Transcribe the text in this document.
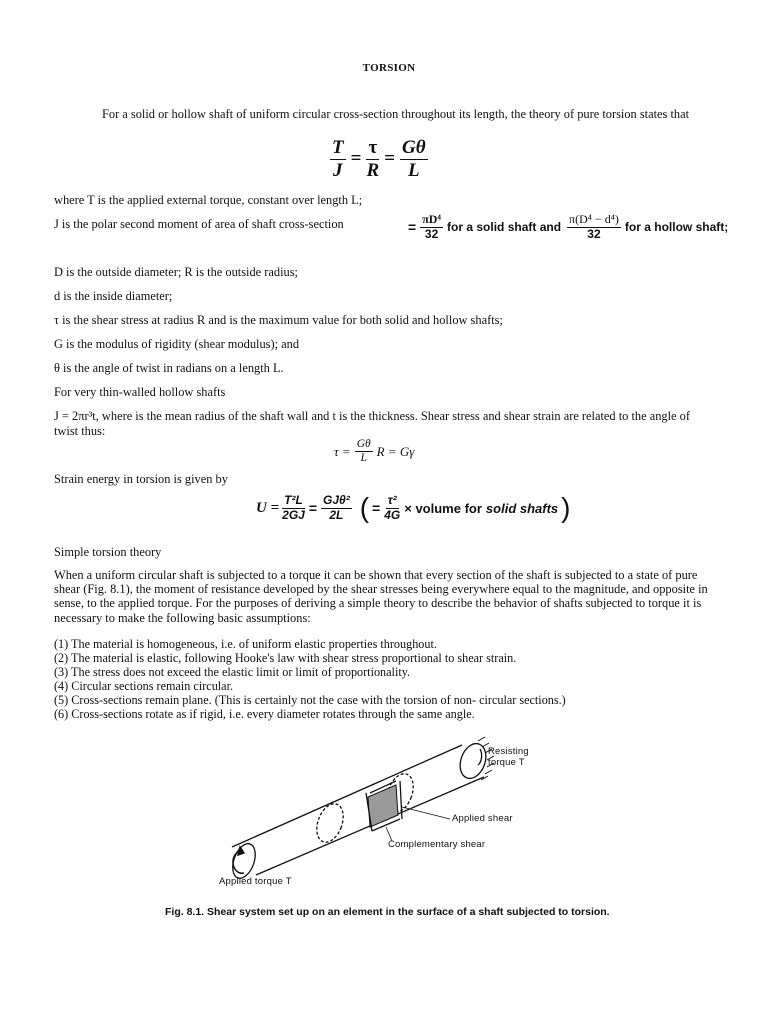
TORSION

For a solid or hollow shaft of uniform circular cross-section throughout its length, the theory of pure torsion states that

$\frac{T}{J} = \frac{\tau}{R} = \frac{G\theta}{L}$

where T is the applied external torque, constant over length L;

J is the polar second moment of area of shaft cross-section	= $\frac{\text{πD⁴}}{32}$ for a solid shaft and $\frac{\text{π(D⁴ − d⁴)}}{32}$ for a hollow shaft;

D is the outside diameter; R is the outside radius;

d is the inside diameter;

τ is the shear stress at radius R and is the maximum value for both solid and hollow shafts;

G is the modulus of rigidity (shear modulus); and

θ is the angle of twist in radians on a length L.

For very thin-walled hollow shafts

J = 2πr³t, where is the mean radius of the shaft wall and t is the thickness. Shear stress and shear strain are related to the angle of twist thus:

$\tau = \frac{G\theta}{L}$ R = Gγ

Strain energy in torsion is given by

$U = \frac{\text{T²L}}{2GJ} = \frac{\text{GJθ²}}{2L}$ ( = $\frac{\text{τ²}}{4G}$ × volume for solid shafts )

Simple torsion theory

When a uniform circular shaft is subjected to a torque it can be shown that every section of the shaft is subjected to a state of pure shear (Fig. 8.1), the moment of resistance developed by the shear stresses being everywhere equal to the magnitude, and opposite in sense, to the applied torque. For the purposes of deriving a simple theory to describe the behavior of shafts subjected to torque it is necessary to make the following basic assumptions:

(1) The material is homogeneous, i.e. of uniform elastic properties throughout.
(2) The material is elastic, following Hooke's law with shear stress proportional to shear strain.
(3) The stress does not exceed the elastic limit or limit of proportionality.
(4) Circular sections remain circular.
(5) Cross-sections remain plane. (This is certainly not the case with the torsion of non- circular sections.)
(6) Cross-sections rotate as if rigid, i.e. every diameter rotates through the same angle.
Resisting
torque T
Applied shear
Complementary shear
Applied torque T
Fig. 8.1. Shear system set up on an element in the surface of a shaft subjected to torsion.
